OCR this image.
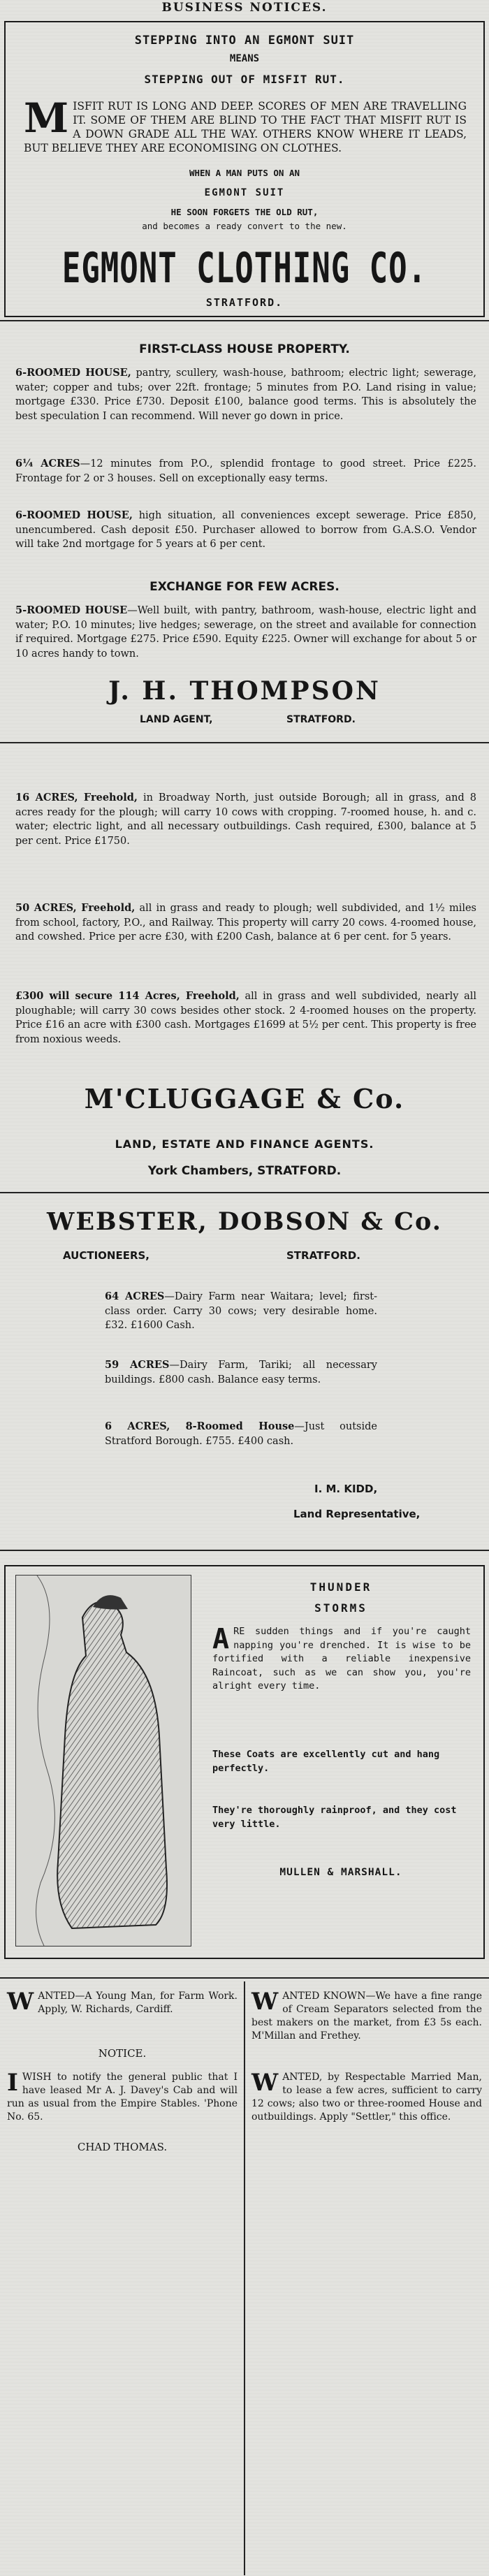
BUSINESS NOTICES.
STEPPING INTO AN EGMONT SUIT
MEANS
STEPPING OUT OF MISFIT RUT.
MISFIT RUT IS LONG AND DEEP. SCORES OF MEN ARE TRAVELLING IT. SOME OF THEM ARE BLIND TO THE FACT THAT MISFIT RUT IS A DOWN GRADE ALL THE WAY. OTHERS KNOW WHERE IT LEADS, BUT BELIEVE THEY ARE ECONOMISING ON CLOTHES.
WHEN A MAN PUTS ON AN
EGMONT SUIT
HE SOON FORGETS THE OLD RUT,
and becomes a ready convert to the new.
EGMONT CLOTHING CO.
STRATFORD.
FIRST-CLASS HOUSE PROPERTY.
6-ROOMED HOUSE, pantry, scullery, wash-house, bathroom; electric light; sewerage, water; copper and tubs; over 22ft. frontage; 5 minutes from P.O. Land rising in value; mortgage £330. Price £730. Deposit £100, balance good terms. This is absolutely the best speculation I can recommend. Will never go down in price.
6¼ ACRES—12 minutes from P.O., splendid frontage to good street. Price £225. Frontage for 2 or 3 houses. Sell on exceptionally easy terms.
6-ROOMED HOUSE, high situation, all conveniences except sewerage. Price £850, unencumbered. Cash deposit £50. Purchaser allowed to borrow from G.A.S.O. Vendor will take 2nd mortgage for 5 years at 6 per cent.
EXCHANGE FOR FEW ACRES.
5-ROOMED HOUSE—Well built, with pantry, bathroom, wash-house, electric light and water; P.O. 10 minutes; live hedges; sewerage, on the street and available for connection if required. Mortgage £275. Price £590. Equity £225. Owner will exchange for about 5 or 10 acres handy to town.
J. H. THOMPSON
LAND AGENT,	STRATFORD.
16 ACRES, Freehold, in Broadway North, just outside Borough; all in grass, and 8 acres ready for the plough; will carry 10 cows with cropping. 7-roomed house, h. and c. water; electric light, and all necessary outbuildings. Cash required, £300, balance at 5 per cent. Price £1750.
50 ACRES, Freehold, all in grass and ready to plough; well subdivided, and 1½ miles from school, factory, P.O., and Railway. This property will carry 20 cows. 4-roomed house, and cowshed. Price per acre £30, with £200 Cash, balance at 6 per cent. for 5 years.
£300 will secure 114 Acres, Freehold, all in grass and well subdivided, nearly all ploughable; will carry 30 cows besides other stock. 2 4-roomed houses on the property. Price £16 an acre with £300 cash. Mortgages £1699 at 5½ per cent. This property is free from noxious weeds.
M'CLUGGAGE & Co.
LAND, ESTATE AND FINANCE AGENTS.
York Chambers, STRATFORD.
WEBSTER, DOBSON & Co.
AUCTIONEERS,	STRATFORD.
64 ACRES—Dairy Farm near Waitara; level; first-class order. Carry 30 cows; very desirable home. £32. £1600 Cash.
59 ACRES—Dairy Farm, Tariki; all necessary buildings. £800 cash. Balance easy terms.
6 ACRES, 8-Roomed House—Just outside Stratford Borough. £755. £400 cash.
I. M. KIDD,
Land Representative,
THUNDER
STORMS
ARE sudden things and if you're caught napping you're drenched. It is wise to be fortified with a reliable inexpensive Raincoat, such as we can show you, you're alright every time.
These Coats are excellently cut and hang perfectly.
They're thoroughly rainproof, and they cost very little.
MULLEN & MARSHALL.
WANTED—A Young Man, for Farm Work. Apply, W. Richards, Cardiff.
NOTICE.
I WISH to notify the general public that I have leased Mr A. J. Davey's Cab and will run as usual from the Empire Stables. 'Phone No. 65.
CHAD THOMAS.
WANTED KNOWN—We have a fine range of Cream Separators selected from the best makers on the market, from £3 5s each. M'Millan and Frethey.
WANTED, by Respectable Married Man, to lease a few acres, sufficient to carry 12 cows; also two or three-roomed House and outbuildings. Apply "Settler," this office.
